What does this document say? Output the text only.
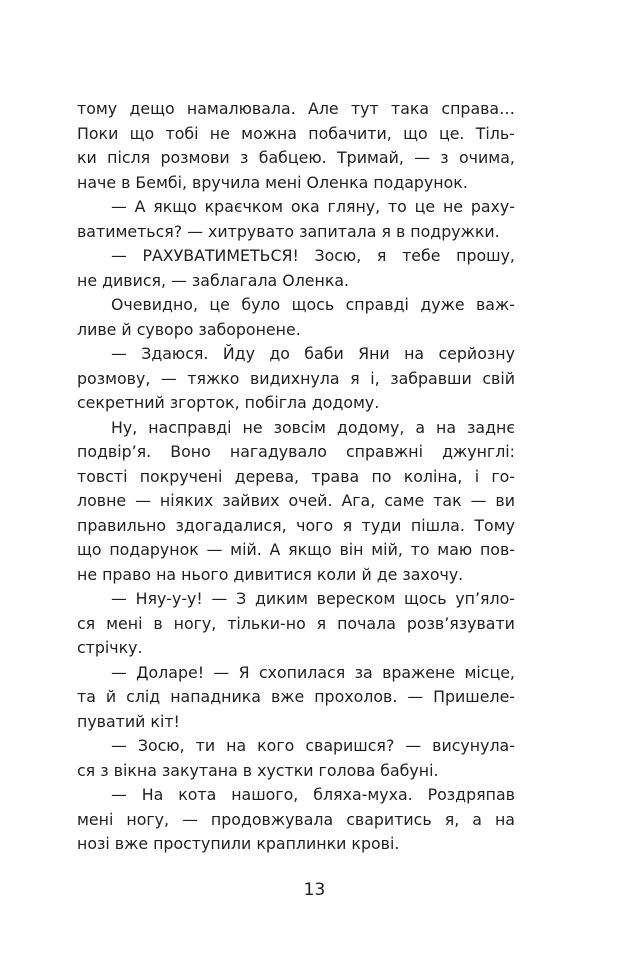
тому дещо намалювала. Але тут така справа…
Поки що тобі не можна побачити, що це. Тіль-
ки після розмови з бабцею. Тримай, — з очима,
наче в Бембі, вручила мені Оленка подарунок.
— А якщо краєчком ока гляну, то це не раху-
ватиметься? — хитрувато запитала я в подружки.
— РАХУВАТИМЕТЬСЯ! Зосю, я тебе прошу,
не дивися, — заблагала Оленка.
Очевидно, це було щось справді дуже важ-
ливе й суворо заборонене.
— Здаюся. Йду до баби Яни на серйозну
розмову, — тяжко видихнула я і, забравши свій
секретний згорток, побігла додому.
Ну, насправді не зовсім додому, а на заднє
подвір’я. Воно нагадувало справжні джунглі:
товсті покручені дерева, трава по коліна, і го-
ловне — ніяких зайвих очей. Ага, саме так — ви
правильно здогадалися, чого я туди пішла. Тому
що подарунок — мій. А якщо він мій, то маю пов-
не право на нього дивитися коли й де захочу.
— Няу-у-у! — З диким вереском щось уп’яло-
ся мені в ногу, тільки-но я почала розв’язувати
стрічку.
— Доларе! — Я схопилася за вражене місце,
та й слід нападника вже прохолов. — Пришеле-
пуватий кіт!
— Зосю, ти на кого сваришся? — висунула-
ся з вікна закутана в хустки голова бабуні.
— На кота нашого, бляха-муха. Роздряпав
мені ногу, — продовжувала сваритись я, а на
нозі вже проступили краплинки крові.
13
